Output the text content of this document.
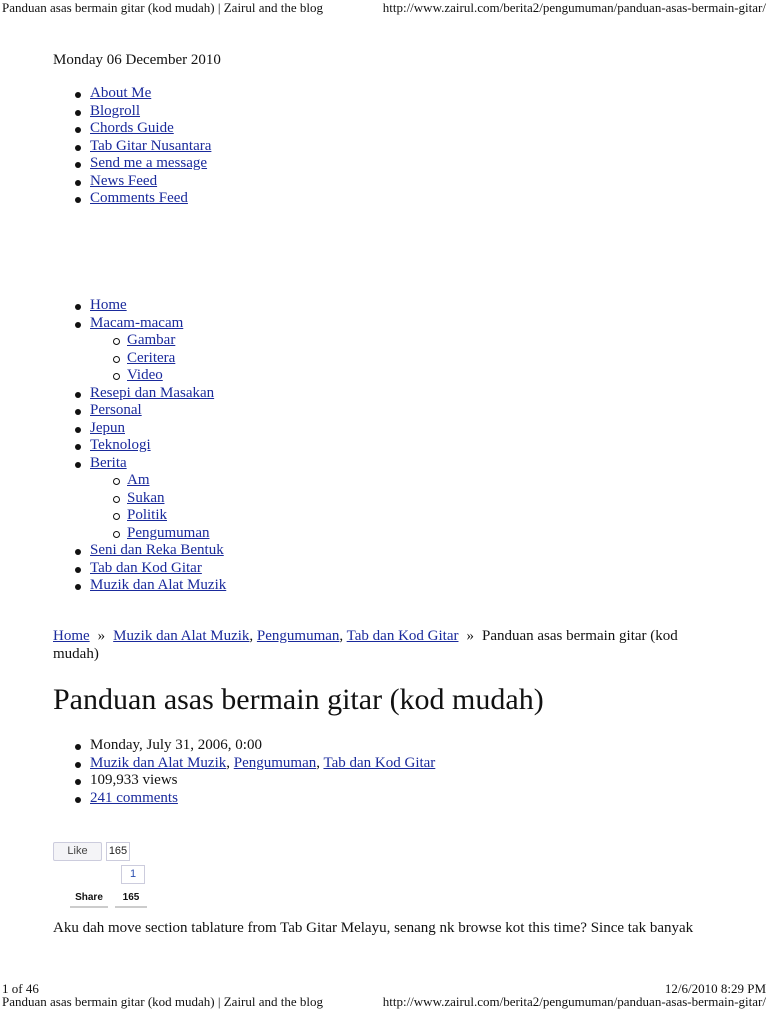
Panduan asas bermain gitar (kod mudah) | Zairul and the blog	http://www.zairul.com/berita2/pengumuman/panduan-asas-bermain-gitar/
Monday 06 December 2010
About Me
Blogroll
Chords Guide
Tab Gitar Nusantara
Send me a message
News Feed
Comments Feed
Home
Macam-macam
Gambar
Ceritera
Video
Resepi dan Masakan
Personal
Jepun
Teknologi
Berita
Am
Sukan
Politik
Pengumuman
Seni dan Reka Bentuk
Tab dan Kod Gitar
Muzik dan Alat Muzik
Home » Muzik dan Alat Muzik, Pengumuman, Tab dan Kod Gitar » Panduan asas bermain gitar (kod mudah)
Panduan asas bermain gitar (kod mudah)
Monday, July 31, 2006, 0:00
Muzik dan Alat Muzik, Pengumuman, Tab dan Kod Gitar
109,933 views
241 comments
Like	165
1
Share	165
Aku dah move section tablature from Tab Gitar Melayu, senang nk browse kot this time? Since tak banyak
1 of 46	12/6/2010 8:29 PM
Panduan asas bermain gitar (kod mudah) | Zairul and the blog	http://www.zairul.com/berita2/pengumuman/panduan-asas-bermain-gitar/
